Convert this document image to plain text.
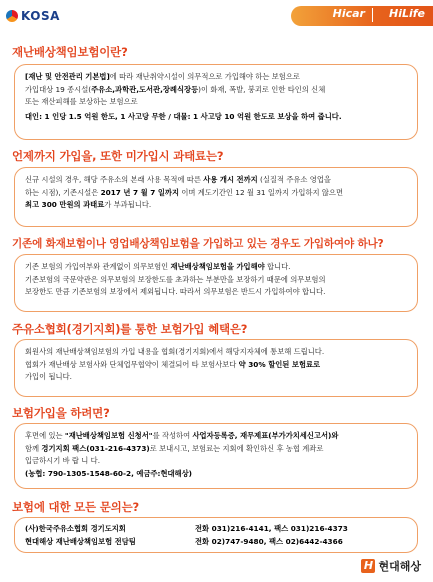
KOSA	Hicar HiLife
재난배상책임보험이란?
[재난 및 안전관리 기본법]에 따라 재난취약시설이 의무적으로 가입해야 하는 보험으로
가입대상 19 종시설(주유소,과학관,도서관,장례식장등)이 화재, 폭발, 붕괴로 인한 타인의 신체
또는 재산피해를 보상하는 보험으로
대인: 1 인당 1.5 억원 한도, 1 사고당 무한 / 대물: 1 사고당 10 억원 한도로 보상을 하여 줍니다.
언제까지 가입을, 또한 미가입시 과태료는?
신규 시설의 경우, 해당 주유소의 본래 사용 목적에 따른 사용 개시 전까지 (실질적 주유소 영업을
하는 시점), 기존시설은 2017 년 7 월 7 일까지 이며 계도기간인 12 월 31 일까지 가입하지 않으면
최고 300 만원의 과태료가 부과됩니다.
기존에 화재보험이나 영업배상책임보험을 가입하고 있는 경우도 가입하여야 하나?
기존 보험의 가입여부와 관계없이 의무보험인 재난배상책임보험을 가입해야 합니다.
기존보험의 국문약관은 의무보험의 보장한도를 초과하는 부분만을 보장하기 때문에 의무보험의
보장한도 만큼 기존보험의 보장에서 제외됩니다. 따라서 의무보험은 반드시 가입하여야 합니다.
주유소협회(경기지회)를 통한 보험가입 혜택은?
회원사의 재난배상책임보험의 가입 내용을 협회(경기지회)에서 해당지자체에 통보해 드립니다.
협회가 재난배상 보험사와 단체업무협약이 체결되어 타 보험사보다 약 30% 할인된 보험료로
가입이 됩니다.
보험가입을 하려면?
후면에 있는 "재난배상책임보험 신청서"를 작성하여 사업자등록증, 재무제표(부가가치세신고서)와
함께 경기지회 팩스(031-216-4373)로 보내시고, 보험료는 지회에 확인하신 후 농협 계좌로
입금하시기 바 랍 니 다.
(농협: 790-1305-1548-60-2, 예금주:현대해상)
보험에 대한 모든 문의는?
(사)한국주유소협회 경기도지회	전화 031)216-4141, 팩스 031)216-4373
현대해상 재난배상책임보험 전담팀	전화 02)747-9480, 팩스 02)6442-4366
H 현대해상
